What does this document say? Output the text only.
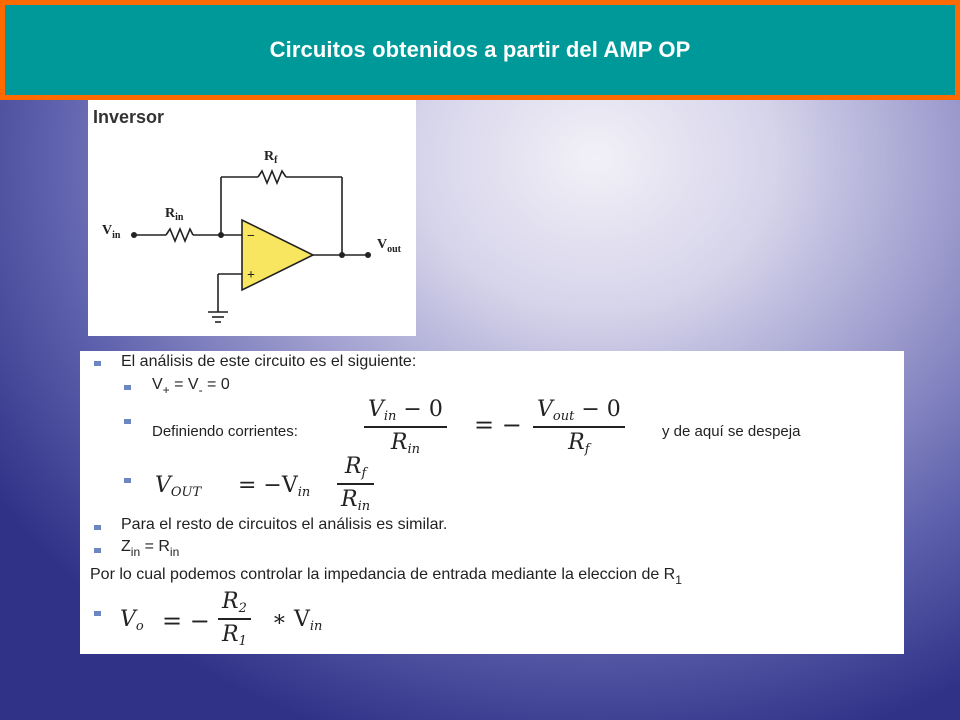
Circuitos obtenidos a partir del AMP OP
Inversor
$R_f$
$R_{in}$
$V_{in}$
$V_{out}$
−
+
El análisis de este circuito es el siguiente:
$V_+ = V_- = 0$
Definiendo corrientes:
$V_{in} - 0$
$R_{in}$
= −
$V_{out} - 0$
$R_f$
y de aquí se despeja
$V_{OUT} = -V_{in}$
$R_f$
$R_{in}$
Para el resto de circuitos el análisis es similar.
$Z_{in} = R_{in}$
Por lo cual podemos controlar la impedancia de entrada mediante la eleccion de $R_1$
$V_o$ = −
$R_2$
$R_1$
∗ $V_{in}$
